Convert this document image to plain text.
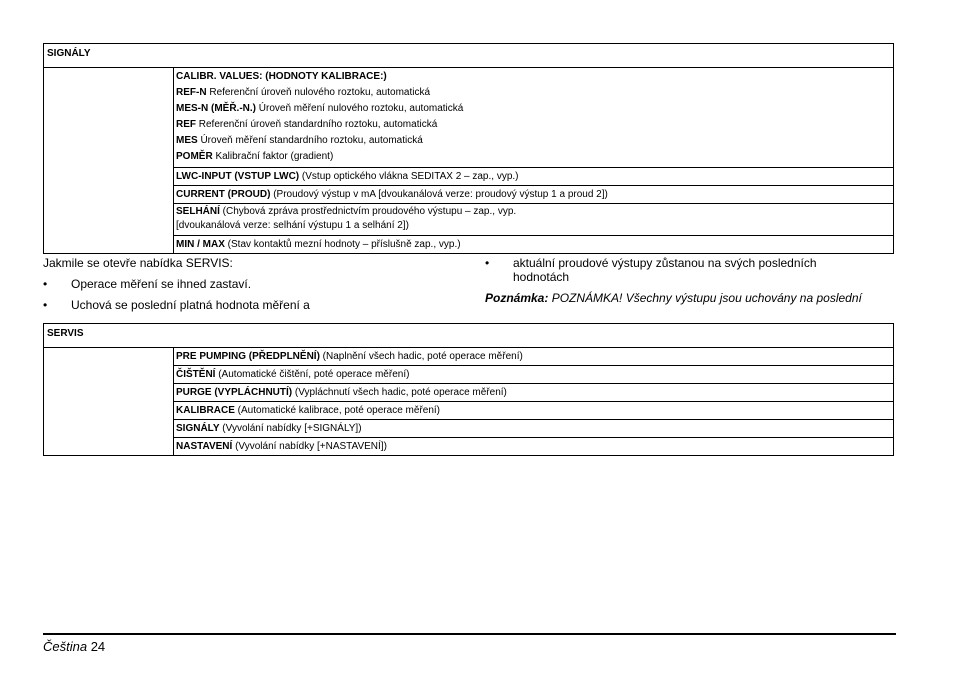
SIGNÁLY
CALIBR. VALUES: (HODNOTY KALIBRACE:)
REF-N Referenční úroveň nulového roztoku, automatická
MES-N (MĚŘ.-N.) Úroveň měření nulového roztoku, automatická
REF Referenční úroveň standardního roztoku, automatická
MES Úroveň měření standardního roztoku, automatická
POMĚR Kalibrační faktor (gradient)
LWC-INPUT (VSTUP LWC) (Vstup optického vlákna SEDITAX 2 – zap., vyp.)
CURRENT (PROUD) (Proudový výstup v mA [dvoukanálová verze: proudový výstup 1 a proud 2])
SELHÁNÍ (Chybová zpráva prostřednictvím proudového výstupu – zap., vyp.
[dvoukanálová verze: selhání výstupu 1 a selhání 2])
MIN / MAX (Stav kontaktů mezní hodnoty – příslušně zap., vyp.)
Jakmile se otevře nabídka SERVIS:
• Operace měření se ihned zastaví.
• Uchová se poslední platná hodnota měření a
• aktuální proudové výstupy zůstanou na svých posledních
hodnotách
Poznámka: POZNÁMKA! Všechny výstupu jsou uchovány na poslední
SERVIS
PRE PUMPING (PŘEDPLNĚNÍ) (Naplnění všech hadic, poté operace měření)
ČIŠTĚNÍ (Automatické čištění, poté operace měření)
PURGE (VYPLÁCHNUTÍ) (Vypláchnutí všech hadic, poté operace měření)
KALIBRACE (Automatické kalibrace, poté operace měření)
SIGNÁLY (Vyvolání nabídky [+SIGNÁLY])
NASTAVENÍ (Vyvolání nabídky [+NASTAVENÍ])
Čeština 24
